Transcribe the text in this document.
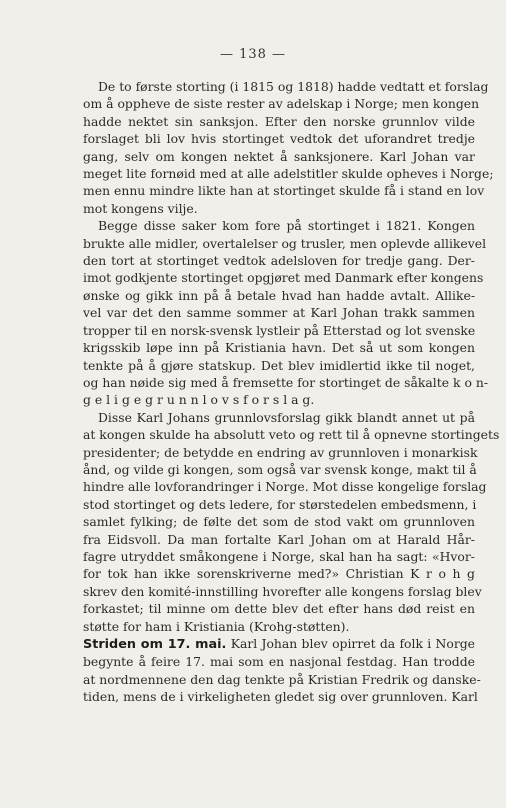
— 138 —
De to første storting (i 1815 og 1818) hadde vedtatt et forslag
om å oppheve de siste rester av adelskap i Norge; men kongen
hadde nektet sin sanksjon. Efter den norske grunnlov vilde
forslaget bli lov hvis stortinget vedtok det uforandret tredje
gang, selv om kongen nektet å sanksjonere. Karl Johan var
meget lite fornøid med at alle adelstitler skulde opheves i Norge;
men ennu mindre likte han at stortinget skulde få i stand en lov
mot kongens vilje.
Begge disse saker kom fore på stortinget i 1821. Kongen
brukte alle midler, overtalelser og trusler, men oplevde allikevel
den tort at stortinget vedtok adelsloven for tredje gang. Der-
imot godkjente stortinget opgjøret med Danmark efter kongens
ønske og gikk inn på å betale hvad han hadde avtalt. Allike-
vel var det den samme sommer at Karl Johan trakk sammen
tropper til en norsk-svensk lystleir på Etterstad og lot svenske
krigsskib løpe inn på Kristiania havn. Det så ut som kongen
tenkte på å gjøre statskup. Det blev imidlertid ikke til noget,
og han nøide sig med å fremsette for stortinget de såkalte k o n-
g e l i g e g r u n n l o v s f o r s l a g.
Disse Karl Johans grunnlovsforslag gikk blandt annet ut på
at kongen skulde ha absolutt veto og rett til å opnevne stortingets
presidenter; de betydde en endring av grunnloven i monarkisk
ånd, og vilde gi kongen, som også var svensk konge, makt til å
hindre alle lovforandringer i Norge. Mot disse kongelige forslag
stod stortinget og dets ledere, for størstedelen embedsmenn, i
samlet fylking; de følte det som de stod vakt om grunnloven
fra Eidsvoll. Da man fortalte Karl Johan om at Harald Hår-
fagre utryddet småkongene i Norge, skal han ha sagt: «Hvor-
for tok han ikke sorenskriverne med?» Christian K r o h g
skrev den komité-innstilling hvorefter alle kongens forslag blev
forkastet; til minne om dette blev det efter hans død reist en
støtte for ham i Kristiania (Krohg-støtten).
Striden om 17. mai. Karl Johan blev opirret da folk i Norge
begynte å feire 17. mai som en nasjonal festdag. Han trodde
at nordmennene den dag tenkte på Kristian Fredrik og danske-
tiden, mens de i virkeligheten gledet sig over grunnloven. Karl
